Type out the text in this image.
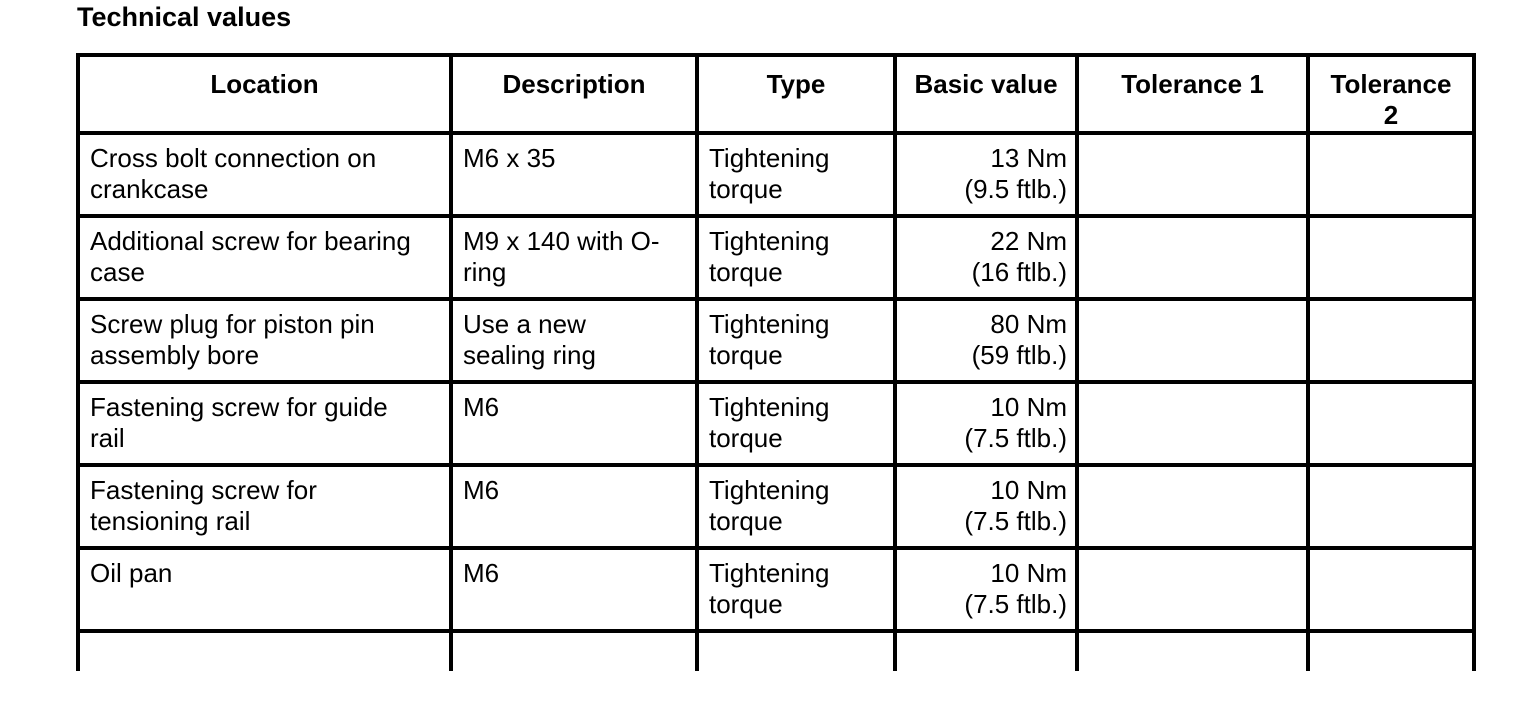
Technical values
Location	Description	Type	Basic value	Tolerance 1	Tolerance
2

Cross bolt connection on
crankcase	M6 x 35	Tightening
torque	13 Nm
(9.5 ftlb.)		

Additional screw for bearing
case	M9 x 140 with O-
ring	Tightening
torque	22 Nm
(16 ftlb.)		

Screw plug for piston pin
assembly bore	Use a new
sealing ring	Tightening
torque	80 Nm
(59 ftlb.)		

Fastening screw for guide
rail	M6	Tightening
torque	10 Nm
(7.5 ftlb.)		

Fastening screw for
tensioning rail	M6	Tightening
torque	10 Nm
(7.5 ftlb.)		

Oil pan	M6	Tightening
torque	10 Nm
(7.5 ftlb.)		
